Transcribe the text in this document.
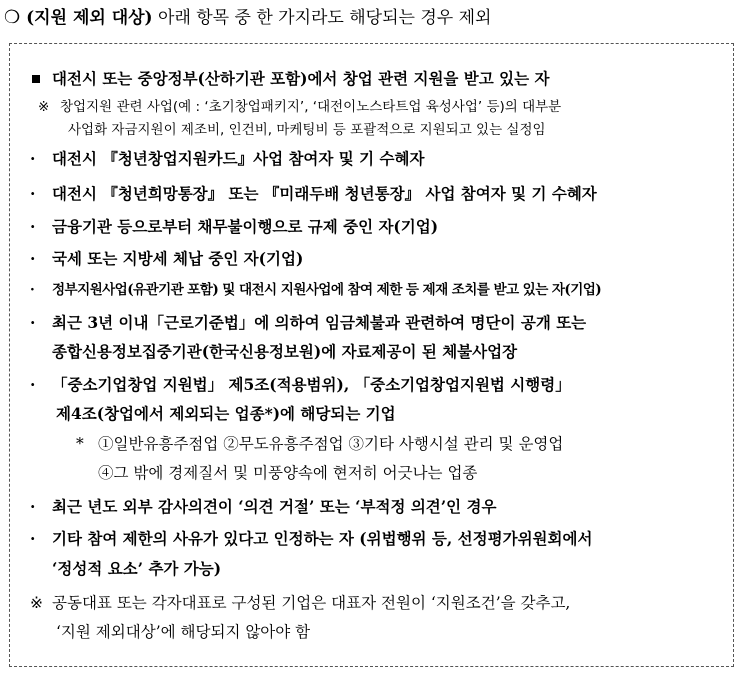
❍ (지원 제외 대상) 아래 항목 중 한 가지라도 해당되는 경우 제외
대전시 또는 중앙정부(산하기관 포함)에서 창업 관련 지원을 받고 있는 자
※ 창업지원 관련 사업(예 : ‘초기창업패키지’, ‘대전이노스타트업 육성사업’ 등)의 대부분
사업화 자금지원이 제조비, 인건비, 마케팅비 등 포괄적으로 지원되고 있는 실정임
· 대전시 『청년창업지원카드』사업 참여자 및 기 수혜자
· 대전시 『청년희망통장』 또는 『미래두배 청년통장』 사업 참여자 및 기 수혜자
· 금융기관 등으로부터 채무불이행으로 규제 중인 자(기업)
· 국세 또는 지방세 체납 중인 자(기업)
· 정부지원사업(유관기관 포함) 및 대전시 지원사업에 참여 제한 등 제재 조치를 받고 있는 자(기업)
· 최근 3년 이내「근로기준법」에 의하여 임금체불과 관련하여 명단이 공개 또는
종합신용정보집중기관(한국신용정보원)에 자료제공이 된 체불사업장
· 「중소기업창업 지원법」 제5조(적용범위), 「중소기업창업지원법 시행령」
제4조(창업에서 제외되는 업종*)에 해당되는 기업
* ①일반유흥주점업 ②무도유흥주점업 ③기타 사행시설 관리 및 운영업
④그 밖에 경제질서 및 미풍양속에 현저히 어긋나는 업종
· 최근 년도 외부 감사의견이 ‘의견 거절’ 또는 ‘부적정 의견’인 경우
· 기타 참여 제한의 사유가 있다고 인정하는 자 (위법행위 등, 선정평가위원회에서
‘정성적 요소’ 추가 가능)
※ 공동대표 또는 각자대표로 구성된 기업은 대표자 전원이 ‘지원조건’을 갖추고,
‘지원 제외대상’에 해당되지 않아야 함
